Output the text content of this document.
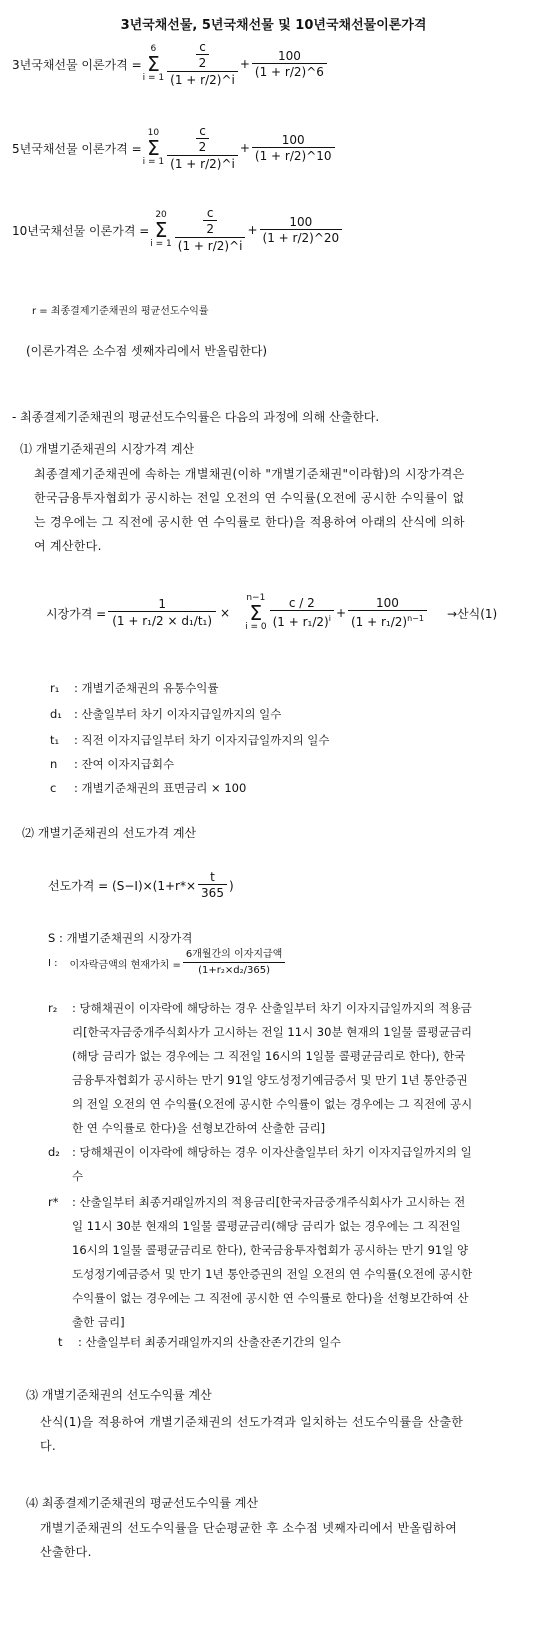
3년국채선물, 5년국채선물 및 10년국채선물이론가격
3년국채선물 이론가격 =
6
Σ
$i = 1 \frac{\frac{c}{2}}{(1 + r/2)\^{}i} + \frac{100}{(1 + r/2)\^{}6}$
5년국채선물 이론가격 =
10
Σ
$i = 1 \frac{\frac{c}{2}}{(1 + r/2)\^{}i} + \frac{100}{(1 + r/2)\^{}10}$
10년국채선물 이론가격 =
20
Σ
$i = 1 \frac{\frac{c}{2}}{(1 + r/2)\^{}i} + \frac{100}{(1 + r/2)\^{}20}$
r = 최종결제기준채권의 평균선도수익률
(이론가격은 소수점 셋째자리에서 반올림한다)
- 최종결제기준채권의 평균선도수익률은 다음의 과정에 의해 산출한다.
⑴ 개별기준채권의 시장가격 계산
최종결제기준채권에 속하는 개별채권(이하 "개별기준채권"이라함)의 시장가격은 한국금융투자협회가 공시하는 전일 오전의 연 수익률(오전에 공시한 수익률이 없는 경우에는 그 직전에 공시한 연 수익률로 한다)을 적용하여 아래의 산식에 의하여 계산한다.
시장가격 = $\frac{1}{\text{(1 + r₁/2 × d₁/t₁)}}$ ×
n−1
Σ
$i = 0 \frac{c / 2}{(1 + r_1/2)^i} + \frac{100}{(1 + r_1/2)^{n-1}}$ →산식(1)
r₁	: 개별기준채권의 유통수익률
d₁	: 산출일부터 차기 이자지급일까지의 일수
t₁	: 직전 이자지급일부터 차기 이자지급일까지의 일수
n	: 잔여 이자지급회수
c	: 개별기준채권의 표면금리 × 100
⑵ 개별기준채권의 선도가격 계산
선도가격 = $(S-I)\times(1+r*\times \frac{t}{365}$ )
S : 개별기준채권의 시장가격
I : 이자락금액의 현재가치 = $\frac{\text{6개월간의 이자지급액}}{\text{(1+r₂×d₂/365)}}$
r₂	: 당해채권이 이자락에 해당하는 경우 산출일부터 차기 이자지급일까지의 적용금리[한국자금중개주식회사가 고시하는 전일 11시 30분 현재의 1일물 콜평균금리(해당 금리가 없는 경우에는 그 직전일 16시의 1일물 콜평균금리로 한다), 한국금융투자협회가 공시하는 만기 91일 양도성정기예금증서 및 만기 1년 통안증권의 전일 오전의 연 수익률(오전에 공시한 수익률이 없는 경우에는 그 직전에 공시한 연 수익률로 한다)을 선형보간하여 산출한 금리]
d₂	: 당해채권이 이자락에 해당하는 경우 이자산출일부터 차기 이자지급일까지의 일수
r*	: 산출일부터 최종거래일까지의 적용금리[한국자금중개주식회사가 고시하는 전일 11시 30분 현재의 1일물 콜평균금리(해당 금리가 없는 경우에는 그 직전일 16시의 1일물 콜평균금리로 한다), 한국금융투자협회가 공시하는 만기 91일 양도성정기예금증서 및 만기 1년 통안증권의 전일 오전의 연 수익률(오전에 공시한 수익률이 없는 경우에는 그 직전에 공시한 연 수익률로 한다)을 선형보간하여 산출한 금리]
t	: 산출일부터 최종거래일까지의 산출잔존기간의 일수
⑶ 개별기준채권의 선도수익률 계산
산식(1)을 적용하여 개별기준채권의 선도가격과 일치하는 선도수익률을 산출한다.
⑷ 최종결제기준채권의 평균선도수익률 계산
개별기준채권의 선도수익률을 단순평균한 후 소수점 넷째자리에서 반올림하여 산출한다.
